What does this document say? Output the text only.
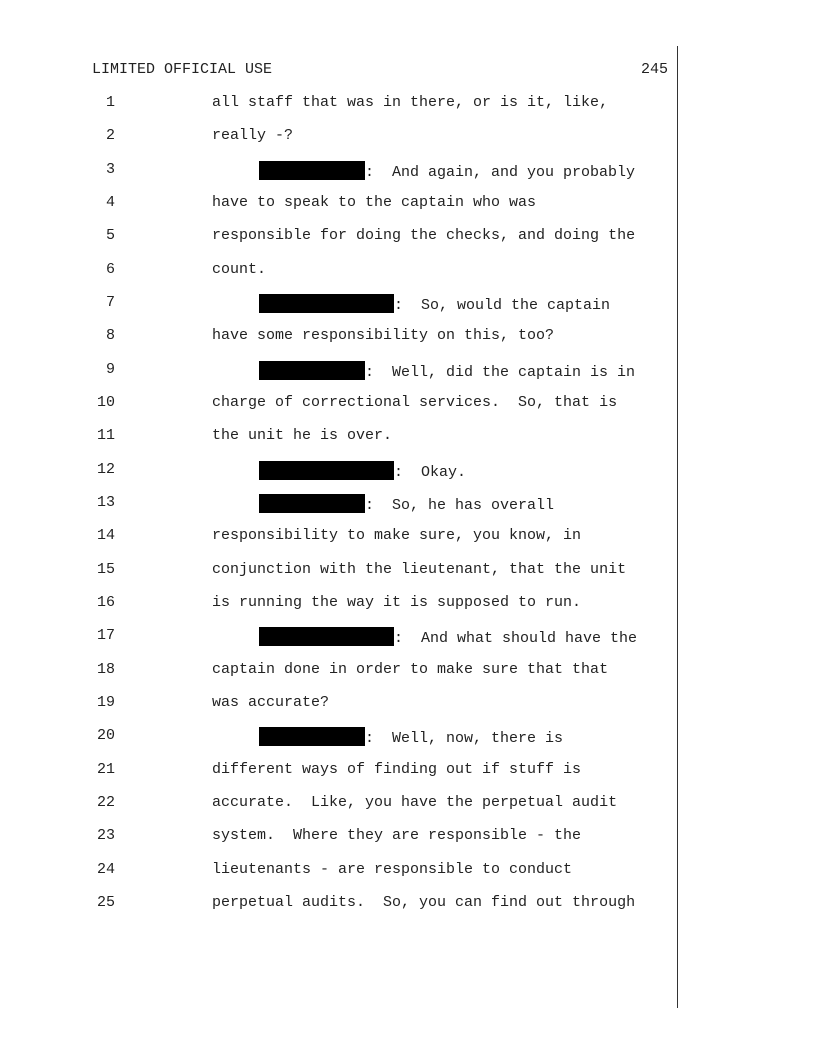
LIMITED OFFICIAL USE

	245

1	all staff that was in there, or is it, like,
2	really -?
3	:  And again, and you probably
4	have to speak to the captain who was
5	responsible for doing the checks, and doing the
6	count.
7	:  So, would the captain
8	have some responsibility on this, too?
9	:  Well, did the captain is in
10	charge of correctional services.  So, that is
11	the unit he is over.
12	:  Okay.
13	:  So, he has overall
14	responsibility to make sure, you know, in
15	conjunction with the lieutenant, that the unit
16	is running the way it is supposed to run.
17	:  And what should have the
18	captain done in order to make sure that that
19	was accurate?
20	:  Well, now, there is
21	different ways of finding out if stuff is
22	accurate.  Like, you have the perpetual audit
23	system.  Where they are responsible - the
24	lieutenants - are responsible to conduct
25	perpetual audits.  So, you can find out through
